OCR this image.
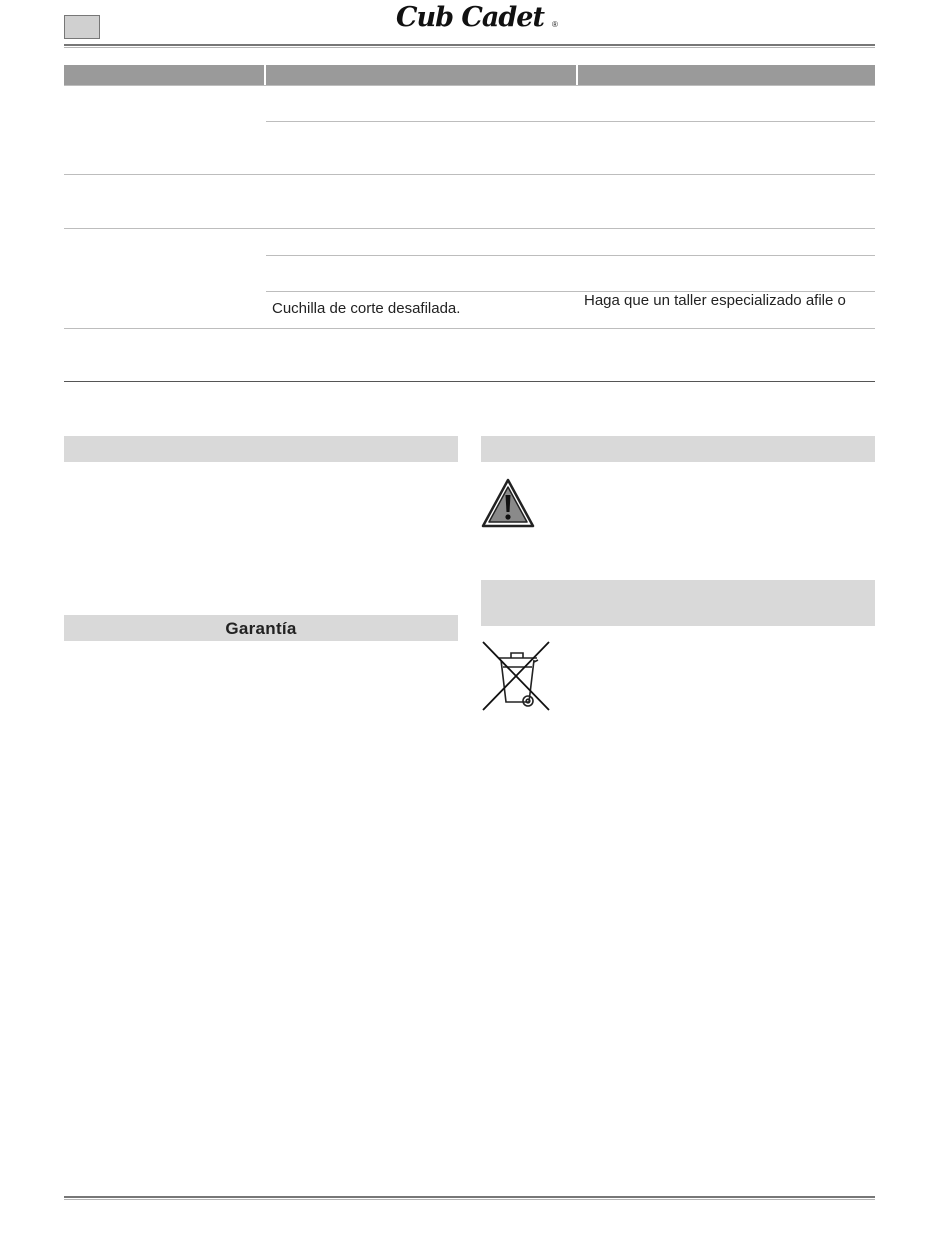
Cub Cadet ®
Cuchilla de corte desafilada.	Haga que un taller especializado afile o
Garantía
